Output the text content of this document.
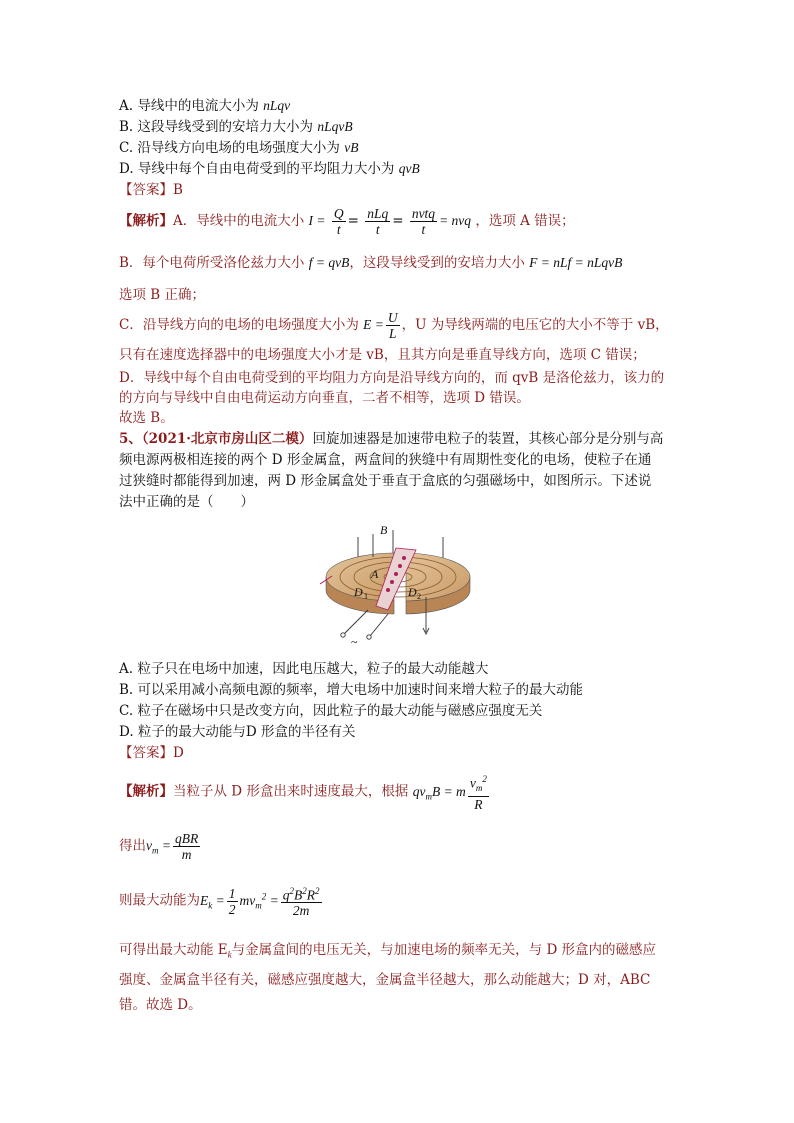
A. 导线中的电流大小为 nLqv
B. 这段导线受到的安培力大小为 nLqvB
C. 沿导线方向电场的电场强度大小为 vB
D. 导线中每个自由电荷受到的平均阻力大小为 qvB
【答案】B
【解析】A．导线中的电流大小 $I = \frac{Q}{t} = \frac{\text{nLq}}{t} = \frac{\text{nvtq}}{t}$ = nvq ，选项 A 错误；
B．每个电荷所受洛伦兹力大小 f = qvB，这段导线受到的安培力大小 F = nLf = nLqvB
选项 B 正确；
C．沿导线方向的电场的电场强度大小为 $E = \frac{U}{L}$ ，U 为导线两端的电压它的大小不等于 vB，
只有在速度选择器中的电场强度大小才是 vB，且其方向是垂直导线方向，选项 C 错误；
D．导线中每个自由电荷受到的平均阻力方向是沿导线方向的，而 qvB 是洛伦兹力，该力的
的方向与导线中自由电荷运动方向垂直，二者不相等，选项 D 错误。
故选 B。
5、（2021·北京市房山区二模）回旋加速器是加速带电粒子的装置，其核心部分是分别与高
频电源两极相连接的两个 D 形金属盒，两盒间的狭缝中有周期性变化的电场，使粒子在通
过狭缝时都能得到加速，两 D 形金属盒处于垂直于盒底的匀强磁场中，如图所示。下述说
法中正确的是（　　）
B
A
D 1	D 2
~
A. 粒子只在电场中加速，因此电压越大，粒子的最大动能越大
B. 可以采用减小高频电源的频率，增大电场中加速时间来增大粒子的最大动能
C. 粒子在磁场中只是改变方向，因此粒子的最大动能与磁感应强度无关
D. 粒子的最大动能与D 形盒的半径有关
【答案】D
【解析】当粒子从 D 形盒出来时速度最大，根据 $qv_mB = m \frac{v_m^2}{R}$
得出$v_m = \frac{\text{qBR}}{m}$
则最大动能为$E_k = \frac{1}{2} mv_m^2 = \frac{q^2B^2R^2}{2m}$
可得出最大动能 $E_k$与金属盒间的电压无关，与加速电场的频率无关，与 D 形盒内的磁感应
强度、金属盒半径有关，磁感应强度越大，金属盒半径越大，那么动能越大；D 对，ABC
错。故选 D。
